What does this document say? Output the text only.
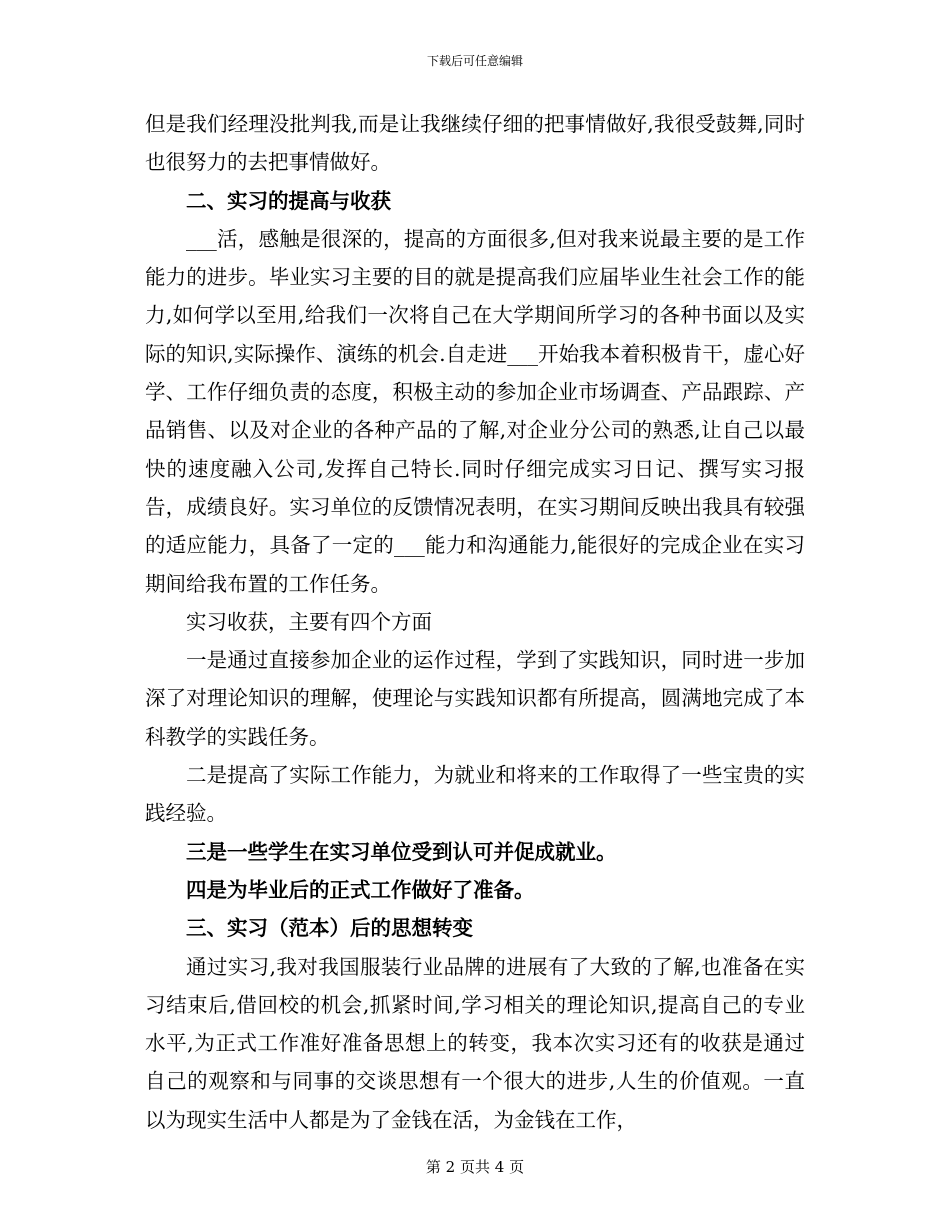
下载后可任意编辑

但是我们经理没批判我,而是让我继续仔细的把事情做好,我很受鼓舞,同时也很努力的去把事情做好。

二、实习的提高与收获

___活，感触是很深的，提高的方面很多,但对我来说最主要的是工作能力的进步。毕业实习主要的目的就是提高我们应届毕业生社会工作的能力,如何学以至用,给我们一次将自己在大学期间所学习的各种书面以及实际的知识,实际操作、演练的机会.自走进___开始我本着积极肯干，虚心好学、工作仔细负责的态度，积极主动的参加企业市场调查、产品跟踪、产品销售、以及对企业的各种产品的了解,对企业分公司的熟悉,让自己以最快的速度融入公司,发挥自己特长.同时仔细完成实习日记、撰写实习报告，成绩良好。实习单位的反馈情况表明，在实习期间反映出我具有较强的适应能力，具备了一定的___能力和沟通能力,能很好的完成企业在实习期间给我布置的工作任务。

实习收获，主要有四个方面

一是通过直接参加企业的运作过程，学到了实践知识，同时进一步加深了对理论知识的理解，使理论与实践知识都有所提高，圆满地完成了本科教学的实践任务。

二是提高了实际工作能力，为就业和将来的工作取得了一些宝贵的实践经验。

三是一些学生在实习单位受到认可并促成就业。

四是为毕业后的正式工作做好了准备。

三、实习（范本）后的思想转变

通过实习,我对我国服装行业品牌的进展有了大致的了解,也准备在实习结束后,借回校的机会,抓紧时间,学习相关的理论知识,提高自己的专业水平,为正式工作准好准备思想上的转变，我本次实习还有的收获是通过自己的观察和与同事的交谈思想有一个很大的进步,人生的价值观。一直以为现实生活中人都是为了金钱在活，为金钱在工作，

第 2 页共 4 页
